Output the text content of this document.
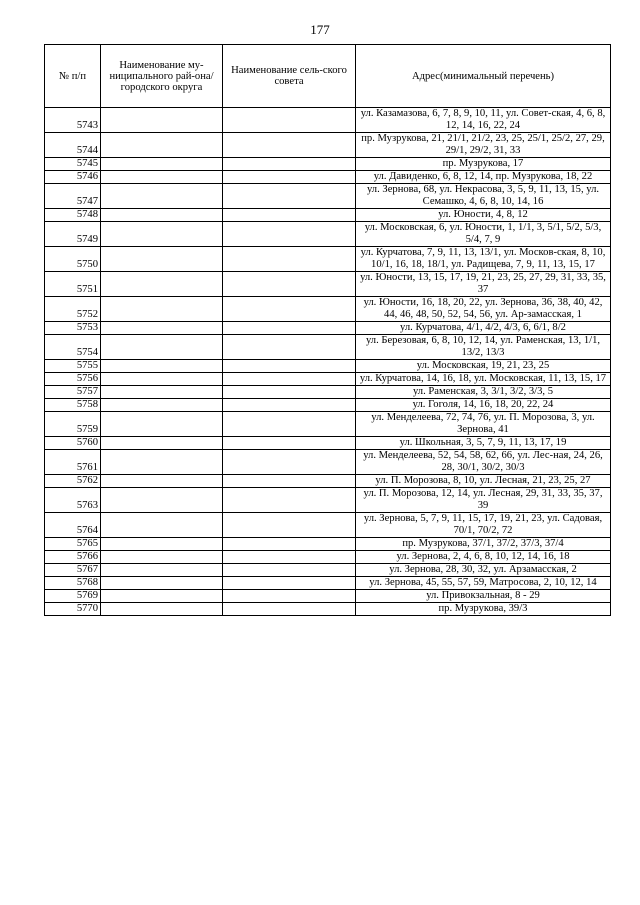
177
№ п/п	Наименование му-ниципального рай-она/ городского округа	Наименование сель-ского совета	Адрес(минимальный перечень)
5743			ул. Казамазова, 6, 7, 8, 9, 10, 11, ул. Совет-ская, 4, 6, 8, 12, 14, 16, 22, 24
5744			пр. Музрукова, 21, 21/1, 21/2, 23, 25, 25/1, 25/2, 27, 29, 29/1, 29/2, 31, 33
5745			пр. Музрукова, 17
5746			ул. Давиденко, 6, 8, 12, 14, пр. Музрукова, 18, 22
5747			ул. Зернова, 68, ул. Некрасова, 3, 5, 9, 11, 13, 15, ул. Семашко, 4, 6, 8, 10, 14, 16
5748			ул. Юности, 4, 8, 12
5749			ул. Московская, 6, ул. Юности, 1, 1/1, 3, 5/1, 5/2, 5/3, 5/4, 7, 9
5750			ул. Курчатова, 7, 9, 11, 13, 13/1, ул. Москов-ская, 8, 10, 10/1, 16, 18, 18/1, ул. Радищева, 7, 9, 11, 13, 15, 17
5751			ул. Юности, 13, 15, 17, 19, 21, 23, 25, 27, 29, 31, 33, 35, 37
5752			ул. Юности, 16, 18, 20, 22, ул. Зернова, 36, 38, 40, 42, 44, 46, 48, 50, 52, 54, 56, ул. Ар-замасская, 1
5753			ул. Курчатова, 4/1, 4/2, 4/3, 6, 6/1, 8/2
5754			ул. Березовая, 6, 8, 10, 12, 14, ул. Раменская, 13, 1/1, 13/2, 13/3
5755			ул. Московская, 19, 21, 23, 25
5756			ул. Курчатова, 14, 16, 18, ул. Московская, 11, 13, 15, 17
5757			ул. Раменская, 3, 3/1, 3/2, 3/3, 5
5758			ул. Гоголя, 14, 16, 18, 20, 22, 24
5759			ул. Менделеева, 72, 74, 76, ул. П. Морозова, 3, ул. Зернова, 41
5760			ул. Школьная, 3, 5, 7, 9, 11, 13, 17, 19
5761			ул. Менделеева, 52, 54, 58, 62, 66, ул. Лес-ная, 24, 26, 28, 30/1, 30/2, 30/3
5762			ул. П. Морозова, 8, 10, ул. Лесная, 21, 23, 25, 27
5763			ул. П. Морозова, 12, 14, ул. Лесная, 29, 31, 33, 35, 37, 39
5764			ул. Зернова, 5, 7, 9, 11, 15, 17, 19, 21, 23, ул. Садовая, 70/1, 70/2, 72
5765			пр. Музрукова, 37/1, 37/2, 37/3, 37/4
5766			ул. Зернова, 2, 4, 6, 8, 10, 12, 14, 16, 18
5767			ул. Зернова, 28, 30, 32, ул. Арзамасская, 2
5768			ул. Зернова, 45, 55, 57, 59, Матросова, 2, 10, 12, 14
5769			ул. Привокзальная, 8 - 29
5770			пр. Музрукова, 39/3
